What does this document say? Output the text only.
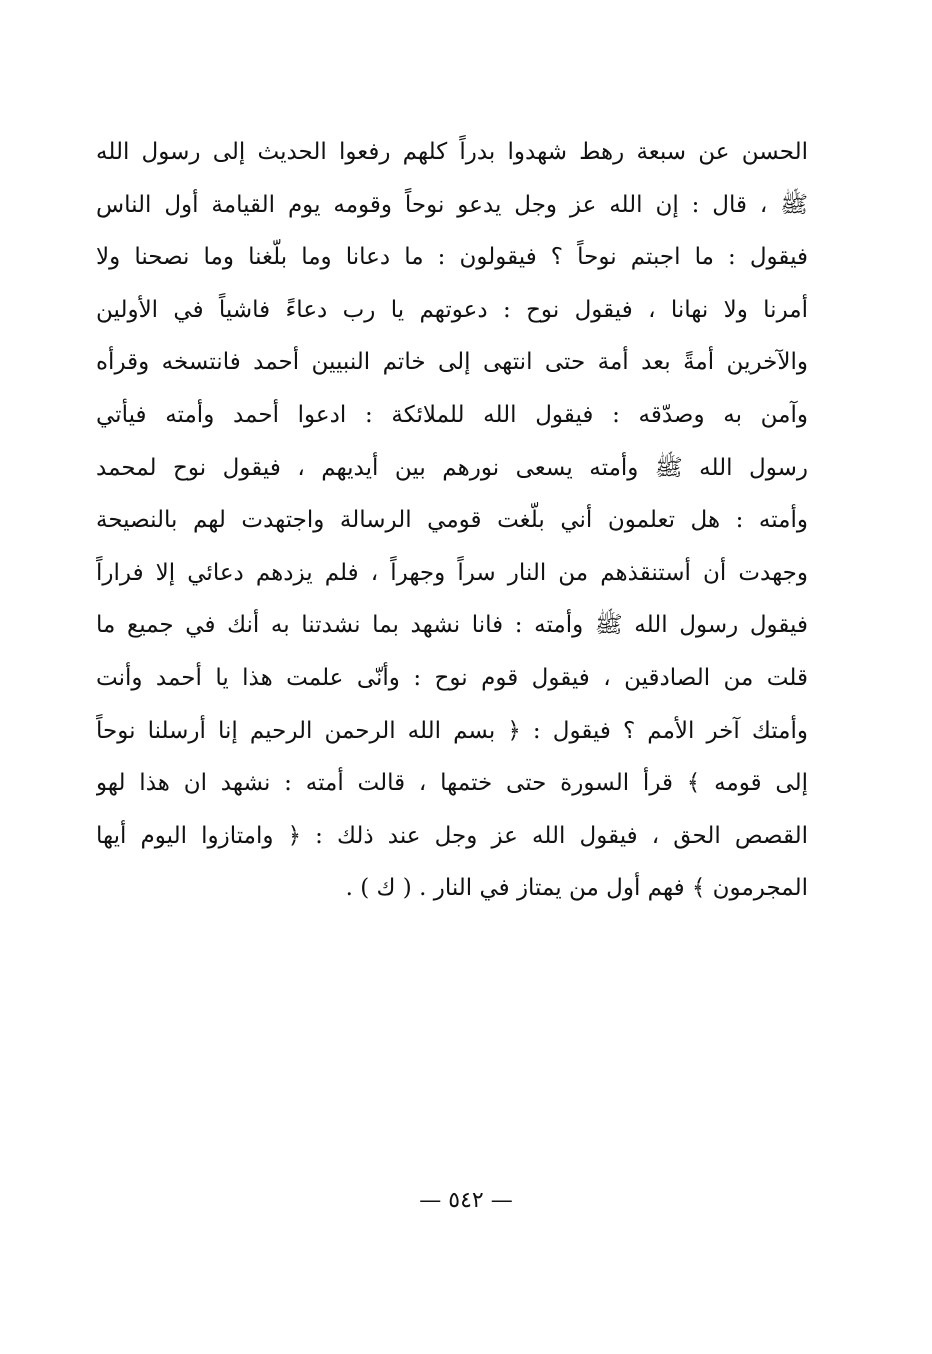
الحسن عن سبعة رهط شهدوا بدراً كلهم رفعوا الحديث إلى رسول الله
ﷺ ، قال : إن الله عز وجل يدعو نوحاً وقومه يوم القيامة أول الناس
فيقول : ما اجبتم نوحاً ؟ فيقولون : ما دعانا وما بلّغنا وما نصحنا ولا
أمرنا ولا نهانا ، فيقول نوح : دعوتهم يا رب دعاءً فاشياً في الأولين
والآخرين أمةً بعد أمة حتى انتهى إلى خاتم النبيين أحمد فانتسخه وقرأه
وآمن به وصدّقه : فيقول الله للملائكة : ادعوا أحمد وأمته فيأتي
رسول الله ﷺ وأمته يسعى نورهم بين أيديهم ، فيقول نوح لمحمد
وأمته : هل تعلمون أني بلّغت قومي الرسالة واجتهدت لهم بالنصيحة
وجهدت أن أستنقذهم من النار سراً وجهراً ، فلم يزدهم دعائي إلا فراراً
فيقول رسول الله ﷺ وأمته : فانا نشهد بما نشدتنا به أنك في جميع ما
قلت من الصادقين ، فيقول قوم نوح : وأنّى علمت هذا يا أحمد وأنت
وأمتك آخر الأمم ؟ فيقول : ﴿ بسم الله الرحمن الرحيم إنا أرسلنا نوحاً
إلى قومه ﴾ قرأ السورة حتى ختمها ، قالت أمته : نشهد ان هذا لهو
القصص الحق ، فيقول الله عز وجل عند ذلك : ﴿ وامتازوا اليوم أيها
المجرمون ﴾ فهم أول من يمتاز في النار . ( ك ) .
— ٥٤٢ —
